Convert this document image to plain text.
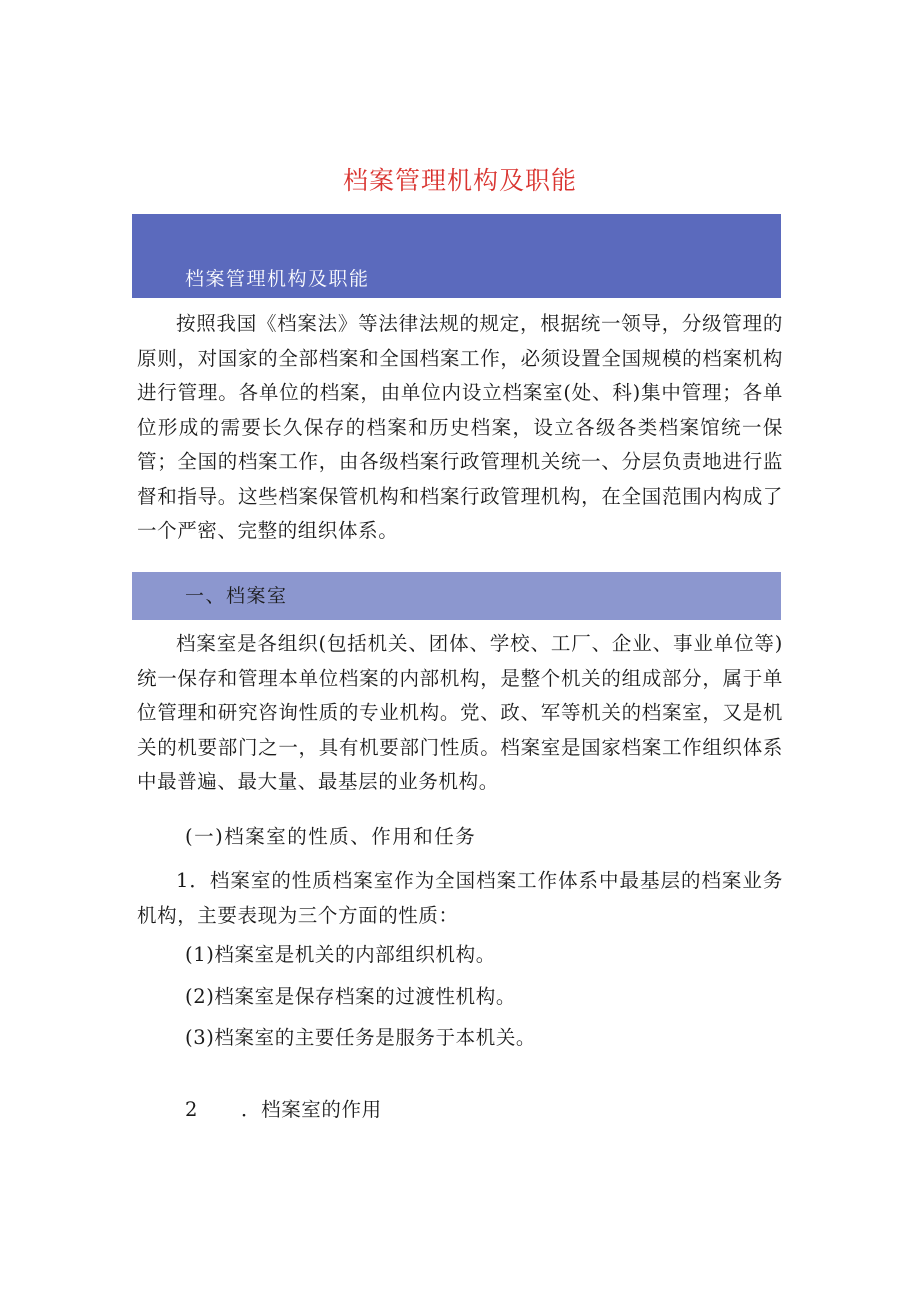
档案管理机构及职能
档案管理机构及职能

按照我国《档案法》等法律法规的规定，根据统一领导，分级管理的原则，对国家的全部档案和全国档案工作，必须设置全国规模的档案机构进行管理。各单位的档案，由单位内设立档案室(处、科)集中管理；各单位形成的需要长久保存的档案和历史档案，设立各级各类档案馆统一保管；全国的档案工作，由各级档案行政管理机关统一、分层负责地进行监督和指导。这些档案保管机构和档案行政管理机构，在全国范围内构成了一个严密、完整的组织体系。

一、档案室

档案室是各组织(包括机关、团体、学校、工厂、企业、事业单位等)统一保存和管理本单位档案的内部机构，是整个机关的组成部分，属于单位管理和研究咨询性质的专业机构。党、政、军等机关的档案室，又是机关的机要部门之一，具有机要部门性质。档案室是国家档案工作组织体系中最普遍、最大量、最基层的业务机构。

(一)档案室的性质、作用和任务

1．档案室的性质档案室作为全国档案工作体系中最基层的档案业务机构，主要表现为三个方面的性质：

(1)档案室是机关的内部组织机构。
(2)档案室是保存档案的过渡性机构。
(3)档案室的主要任务是服务于本机关。
2 ．档案室的作用
